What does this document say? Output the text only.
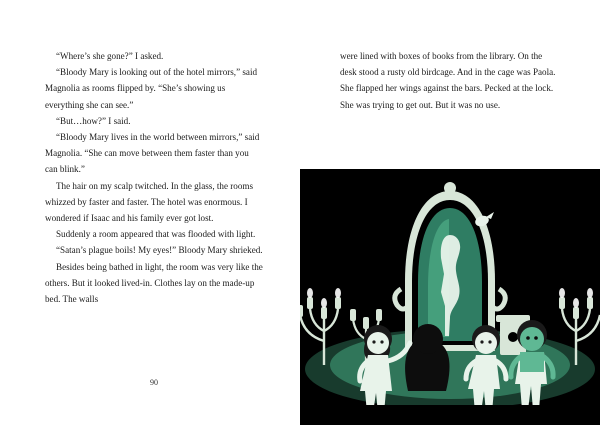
“Where’s she gone?” I asked.

“Bloody Mary is looking out of the hotel mirrors,” said Magnolia as rooms flipped by. “She’s showing us everything she can see.”

“But…how?” I said.

“Bloody Mary lives in the world between mirrors,” said Magnolia. “She can move between them faster than you can blink.”

The hair on my scalp twitched. In the glass, the rooms whizzed by faster and faster. The hotel was enormous. I wondered if Isaac and his family ever got lost.

Suddenly a room appeared that was flooded with light.

“Satan’s plague boils! My eyes!” Bloody Mary shrieked.

Besides being bathed in light, the room was very like the others. But it looked lived-in. Clothes lay on the made-up bed. The walls

90

were lined with boxes of books from the library. On the desk stood a rusty old birdcage. And in the cage was Paola. She flapped her wings against the bars. Pecked at the lock. She was trying to get out. But it was no use.
